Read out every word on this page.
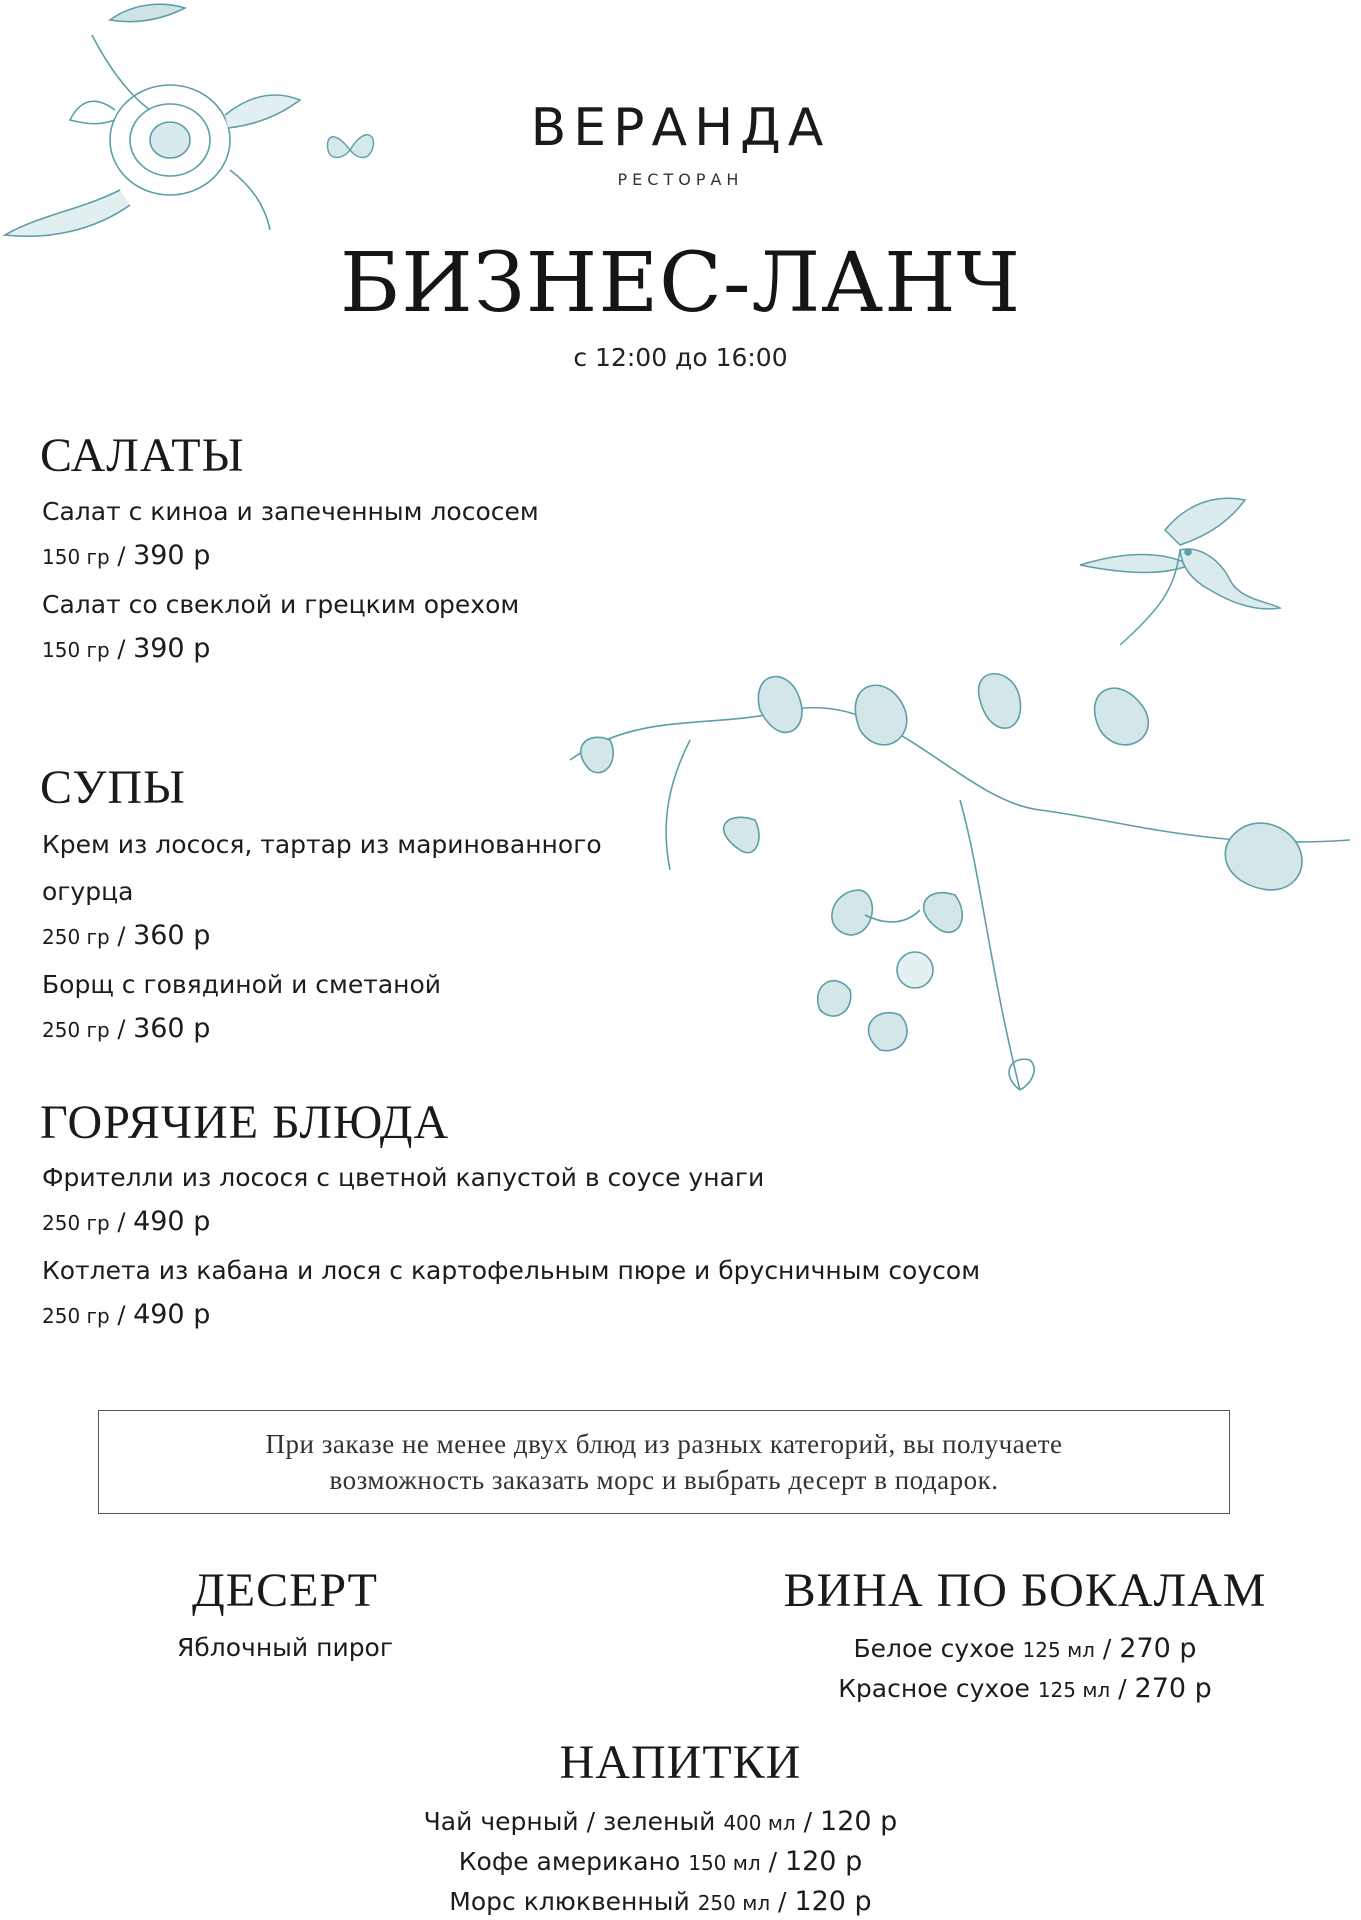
ВЕРАНДА
РЕСТОРАН
БИЗНЕС-ЛАНЧ
с 12:00 до 16:00
САЛАТЫ
Салат с киноа и запеченным лососем
150 гр / 390 р
Салат со свеклой и грецким орехом
150 гр / 390 р
СУПЫ
Крем из лосося, тартар из маринованного
огурца
250 гр / 360 р
Борщ с говядиной и сметаной
250 гр / 360 р
ГОРЯЧИЕ БЛЮДА
Фрителли из лосося с цветной капустой в соусе унаги
250 гр / 490 р
Котлета из кабана и лося с картофельным пюре и брусничным соусом
250 гр / 490 р
При заказе не менее двух блюд из разных категорий, вы получаете
возможность заказать морс и выбрать десерт в подарок.
ДЕСЕРТ
Яблочный пирог
ВИНА ПО БОКАЛАМ
Белое сухое 125 мл / 270 р
Красное сухое 125 мл / 270 р
НАПИТКИ
Чай черный / зеленый 400 мл / 120 р
Кофе американо 150 мл / 120 р
Морс клюквенный 250 мл / 120 р
